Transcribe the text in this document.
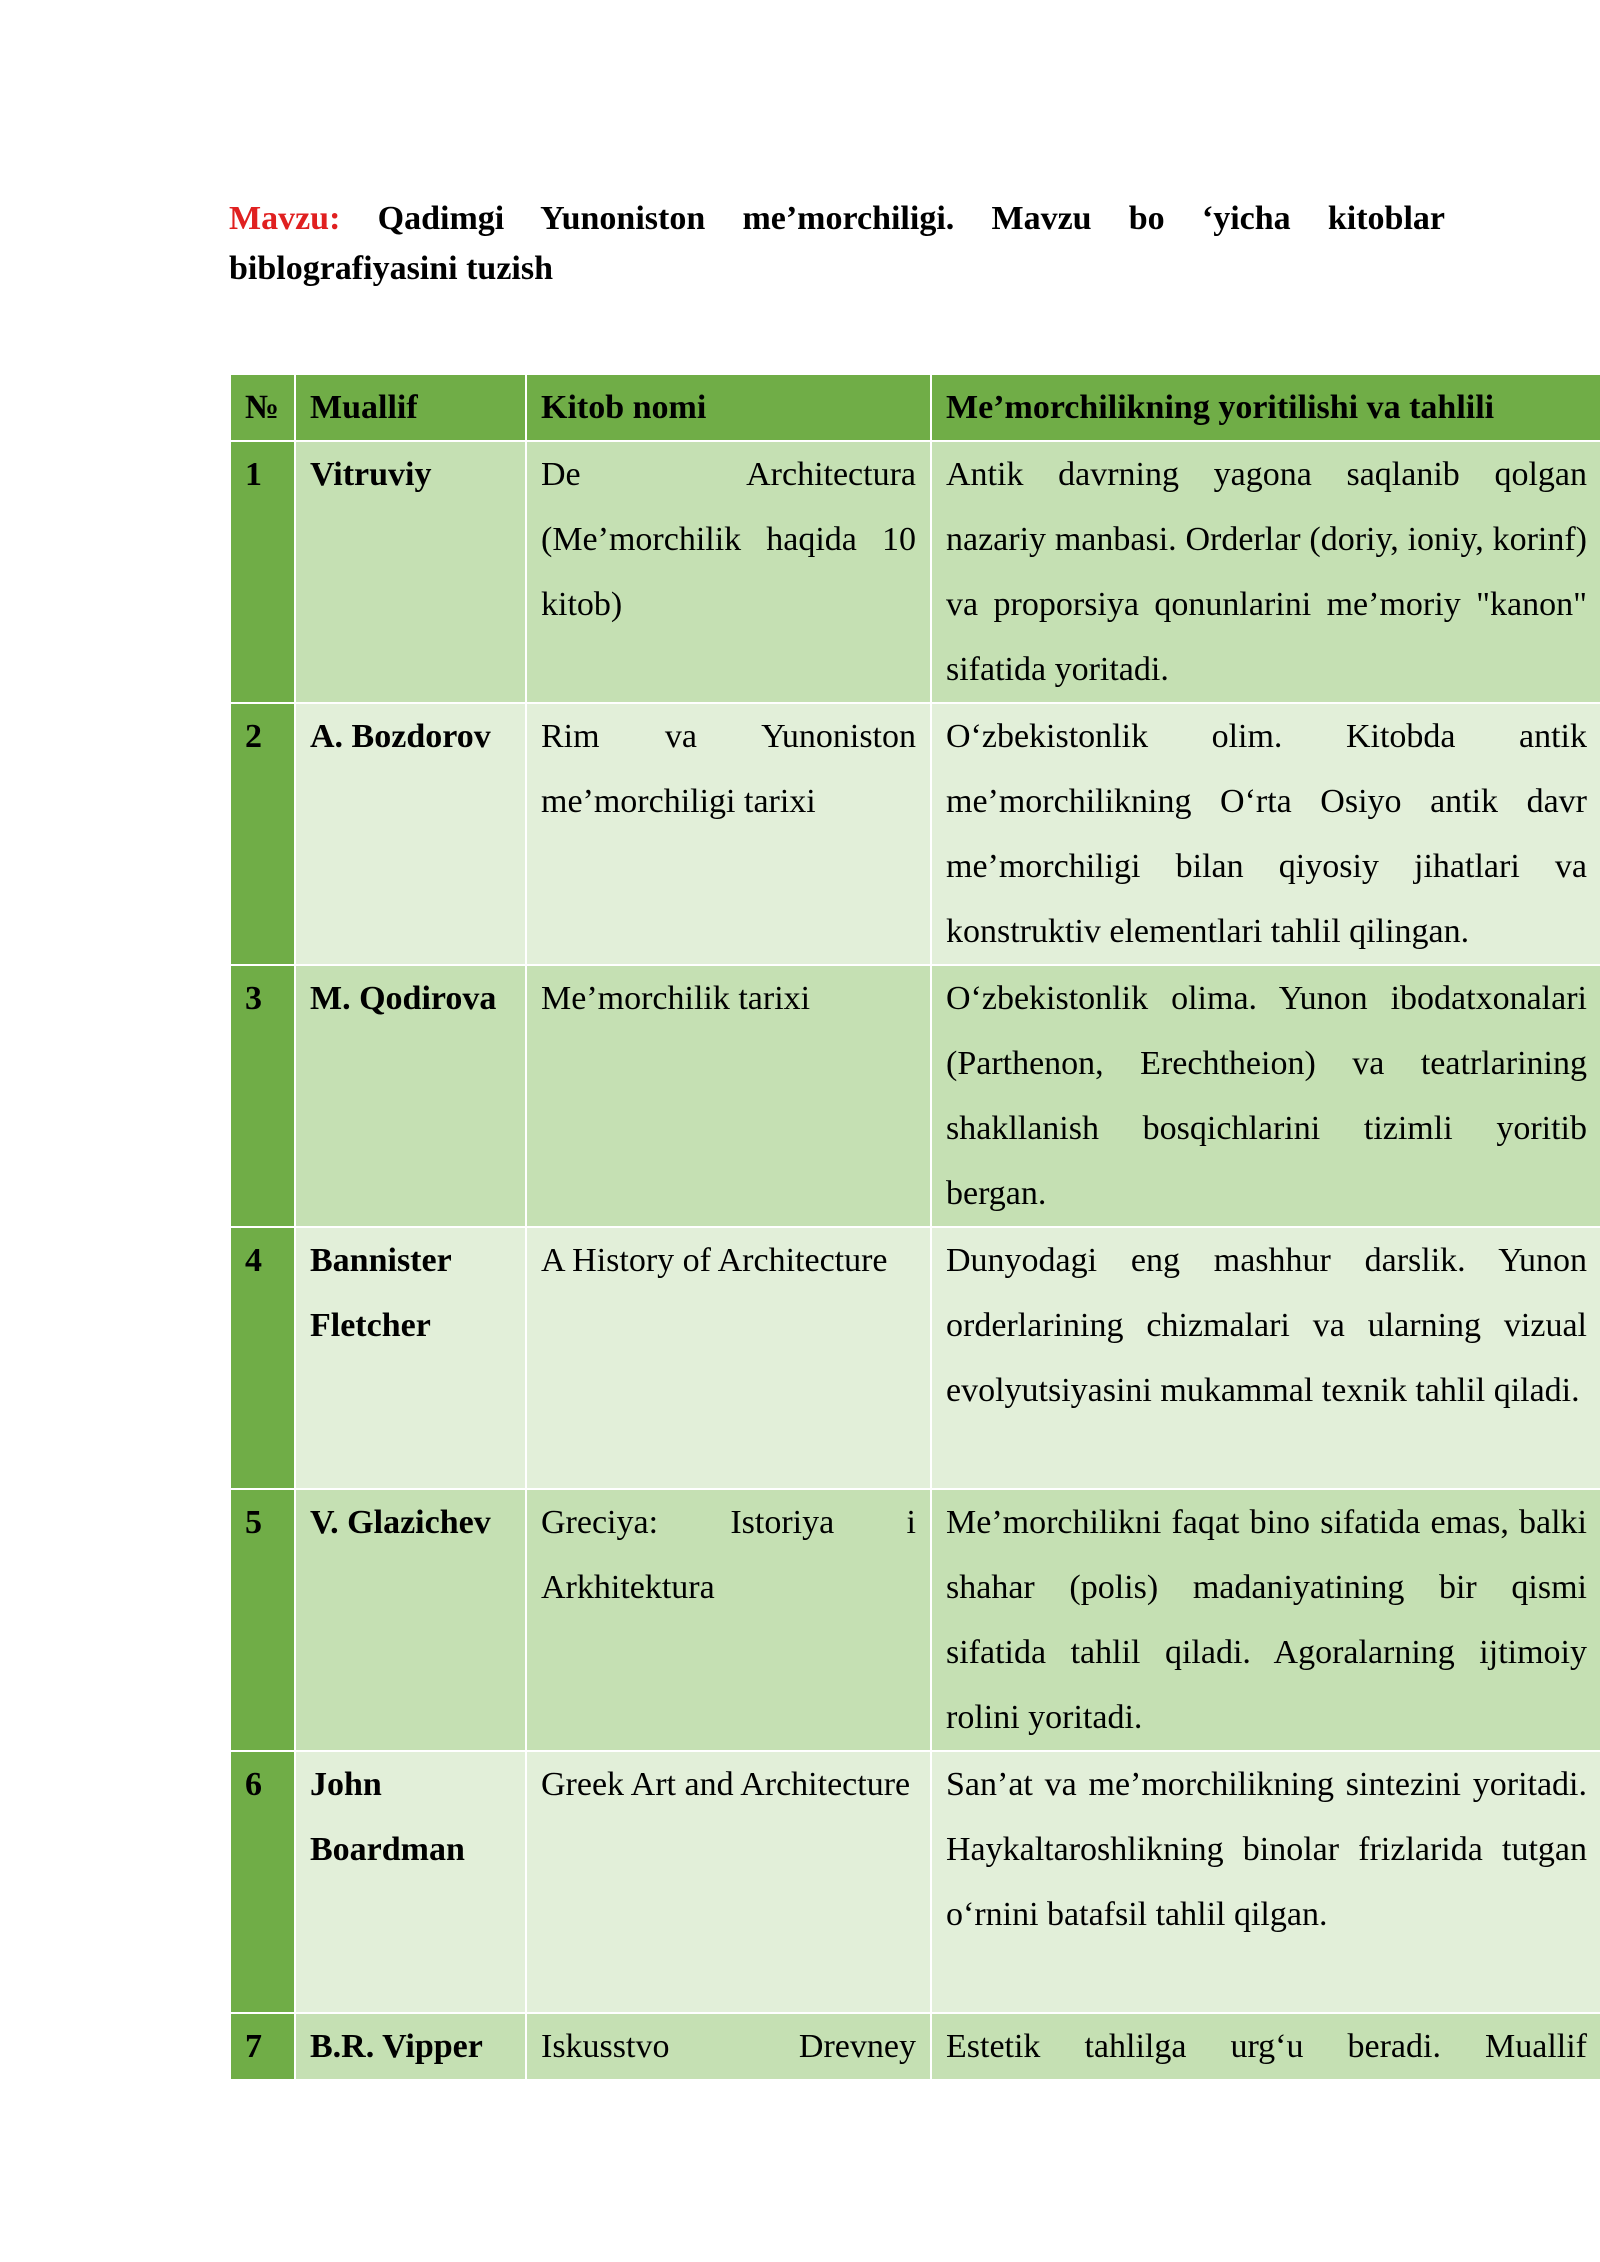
Mavzu: Qadimgi Yunoniston me’morchiligi. Mavzu bo ‘yicha kitoblar biblografiyasini tuzish
№	Muallif	Kitob nomi	Me’morchilikning yoritilishi va tahlili
1	Vitruviy	De Architectura (Me’morchilik haqida 10 kitob)	Antik davrning yagona saqlanib qolgan nazariy manbasi. Orderlar (doriy, ioniy, korinf) va proporsiya qonunlarini me’moriy "kanon" sifatida yoritadi.
2	A. Bozdorov	Rim va Yunoniston me’morchiligi tarixi	O‘zbekistonlik olim. Kitobda antik me’morchilikning O‘rta Osiyo antik davr me’morchiligi bilan qiyosiy jihatlari va konstruktiv elementlari tahlil qilingan.
3	M. Qodirova	Me’morchilik tarixi	O‘zbekistonlik olima. Yunon ibodatxonalari (Parthenon, Erechtheion) va teatrlarining shakllanish bosqichlarini tizimli yoritib bergan.
4	Bannister Fletcher	A History of Architecture	Dunyodagi eng mashhur darslik. Yunon orderlarining chizmalari va ularning vizual evolyutsiyasini mukammal texnik tahlil qiladi.
5	V. Glazichev	Greciya: Istoriya i Arkhitektura	Me’morchilikni faqat bino sifatida emas, balki shahar (polis) madaniyatining bir qismi sifatida tahlil qiladi. Agoralarning ijtimoiy rolini yoritadi.
6	John Boardman	Greek Art and Architecture	San’at va me’morchilikning sintezini yoritadi. Haykaltaroshlikning binolar frizlarida tutgan o‘rnini batafsil tahlil qilgan.
7	B.R. Vipper	Iskusstvo Drevney	Estetik tahlilga urg‘u beradi. Muallif
